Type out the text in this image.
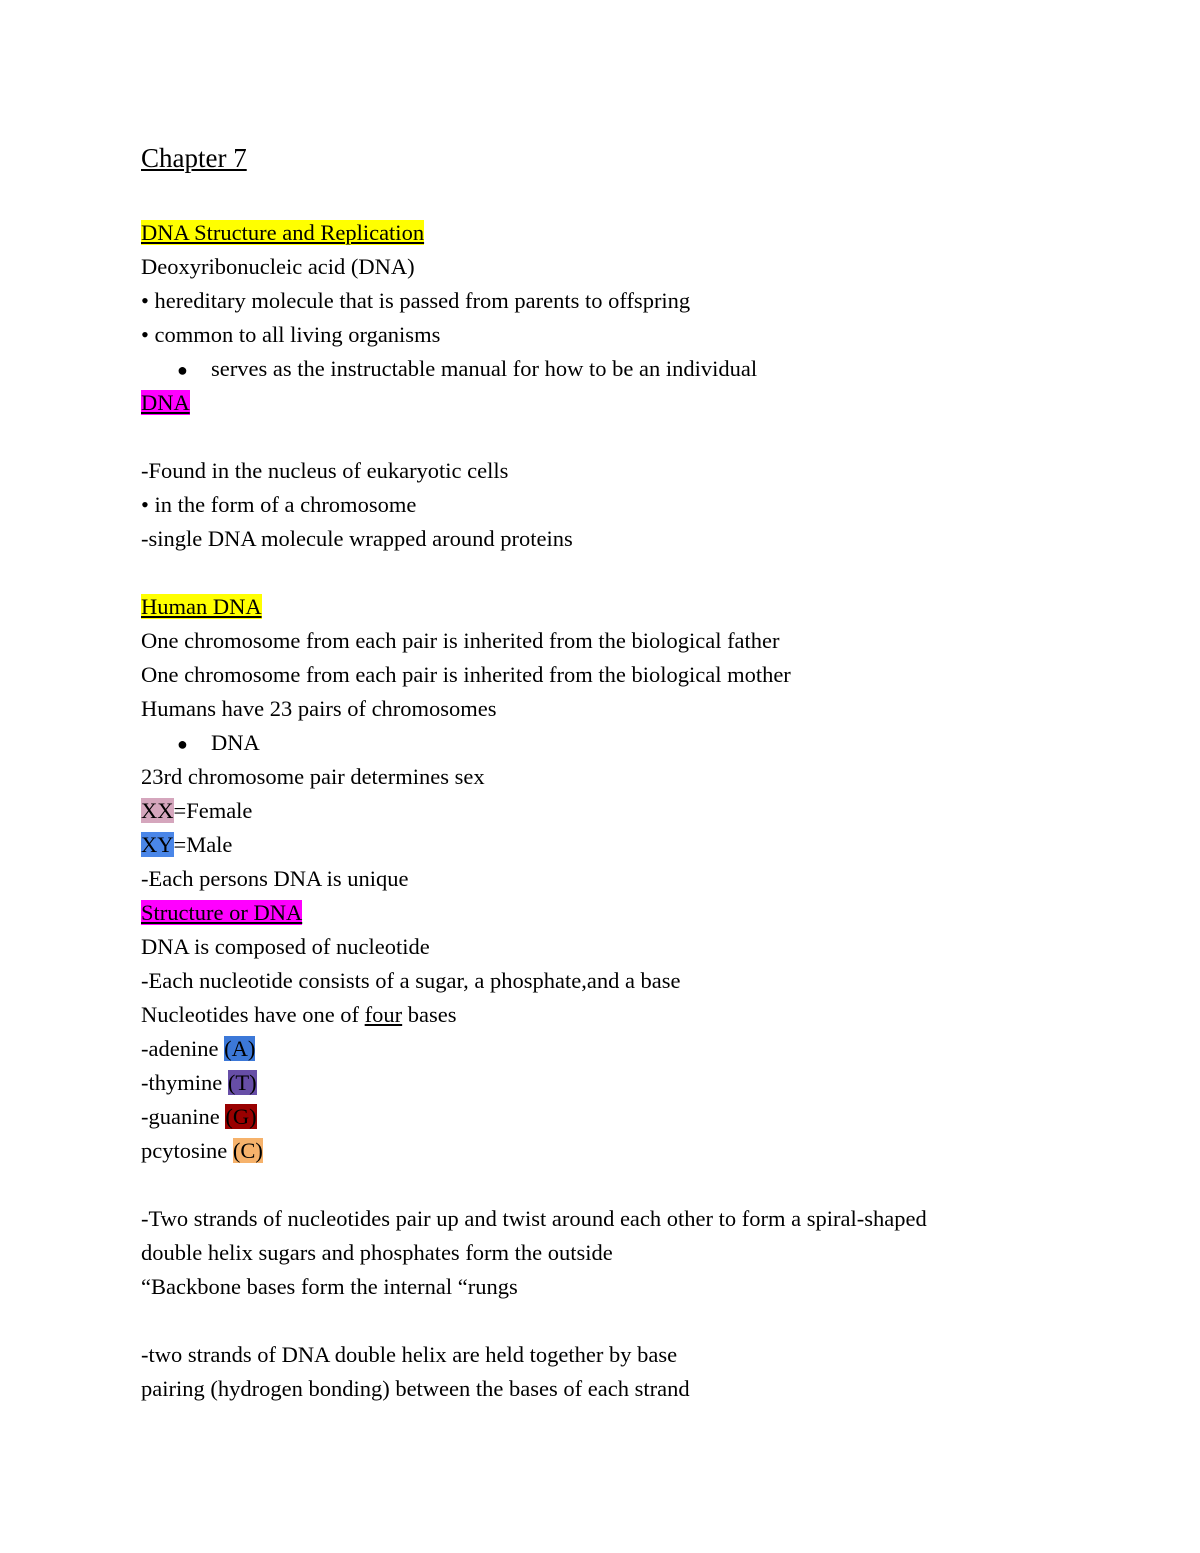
Chapter 7
DNA Structure and Replication
Deoxyribonucleic acid (DNA)
• hereditary molecule that is passed from parents to offspring
• common to all living organisms
● serves as the instructable manual for how to be an individual
DNA
-Found in the nucleus of eukaryotic cells
• in the form of a chromosome
-single DNA molecule wrapped around proteins
Human DNA
One chromosome from each pair is inherited from the biological father
One chromosome from each pair is inherited from the biological mother
Humans have 23 pairs of chromosomes
● DNA
23rd chromosome pair determines sex
XX=Female
XY=Male
-Each persons DNA is unique
Structure or DNA
DNA is composed of nucleotide
-Each nucleotide consists of a sugar, a phosphate,and a base
Nucleotides have one of four bases
-adenine (A)
-thymine (T)
-guanine (G)
pcytosine (C)
-Two strands of nucleotides pair up and twist around each other to form a spiral-shaped
double helix sugars and phosphates form the outside
“Backbone bases form the internal “rungs
-two strands of DNA double helix are held together by base
pairing (hydrogen bonding) between the bases of each strand
